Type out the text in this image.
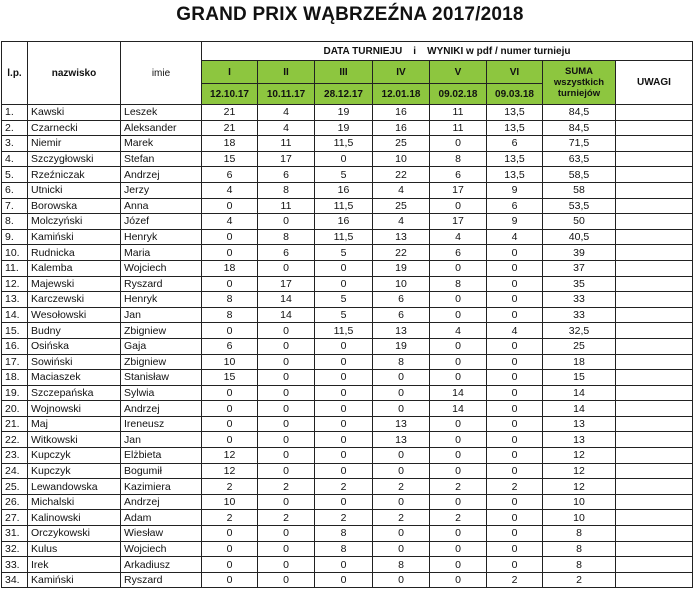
GRAND PRIX WĄBRZEŹNA 2017/2018
l.p.	nazwisko	imie	DATA TURNIEJU    i    WYNIKI w pdf / numer turnieju							
			I	II	III	IV	V	VI	SUMA wszystkich turniejów	UWAGI
			12.10.17	10.11.17	28.12.17	12.01.18	09.02.18	09.03.18		
1.	Kawski	Leszek	21	4	19	16	11	13,5	84,5	
2.	Czarnecki	Aleksander	21	4	19	16	11	13,5	84,5	
3.	Niemir	Marek	18	11	11,5	25	0	6	71,5	
4.	Szczygłowski	Stefan	15	17	0	10	8	13,5	63,5	
5.	Rzeźniczak	Andrzej	6	6	5	22	6	13,5	58,5	
6.	Utnicki	Jerzy	4	8	16	4	17	9	58	
7.	Borowska	Anna	0	11	11,5	25	0	6	53,5	
8.	Molczyński	Józef	4	0	16	4	17	9	50	
9.	Kamiński	Henryk	0	8	11,5	13	4	4	40,5	
10.	Rudnicka	Maria	0	6	5	22	6	0	39	
11.	Kalemba	Wojciech	18	0	0	19	0	0	37	
12.	Majewski	Ryszard	0	17	0	10	8	0	35	
13.	Karczewski	Henryk	8	14	5	6	0	0	33	
14.	Wesołowski	Jan	8	14	5	6	0	0	33	
15.	Budny	Zbigniew	0	0	11,5	13	4	4	32,5	
16.	Osińska	Gaja	6	0	0	19	0	0	25	
17.	Sowiński	Zbigniew	10	0	0	8	0	0	18	
18.	Maciaszek	Stanisław	15	0	0	0	0	0	15	
19.	Szczepańska	Sylwia	0	0	0	0	14	0	14	
20.	Wojnowski	Andrzej	0	0	0	0	14	0	14	
21.	Maj	Ireneusz	0	0	0	13	0	0	13	
22.	Witkowski	Jan	0	0	0	13	0	0	13	
23.	Kupczyk	Elżbieta	12	0	0	0	0	0	12	
24.	Kupczyk	Bogumił	12	0	0	0	0	0	12	
25.	Lewandowska	Kazimiera	2	2	2	2	2	2	12	
26.	Michalski	Andrzej	10	0	0	0	0	0	10	
27.	Kalinowski	Adam	2	2	2	2	2	0	10	
31.	Orczykowski	Wiesław	0	0	8	0	0	0	8	
32.	Kulus	Wojciech	0	0	8	0	0	0	8	
33.	Irek	Arkadiusz	0	0	0	8	0	0	8	
34.	Kamiński	Ryszard	0	0	0	0	0	2	2	
